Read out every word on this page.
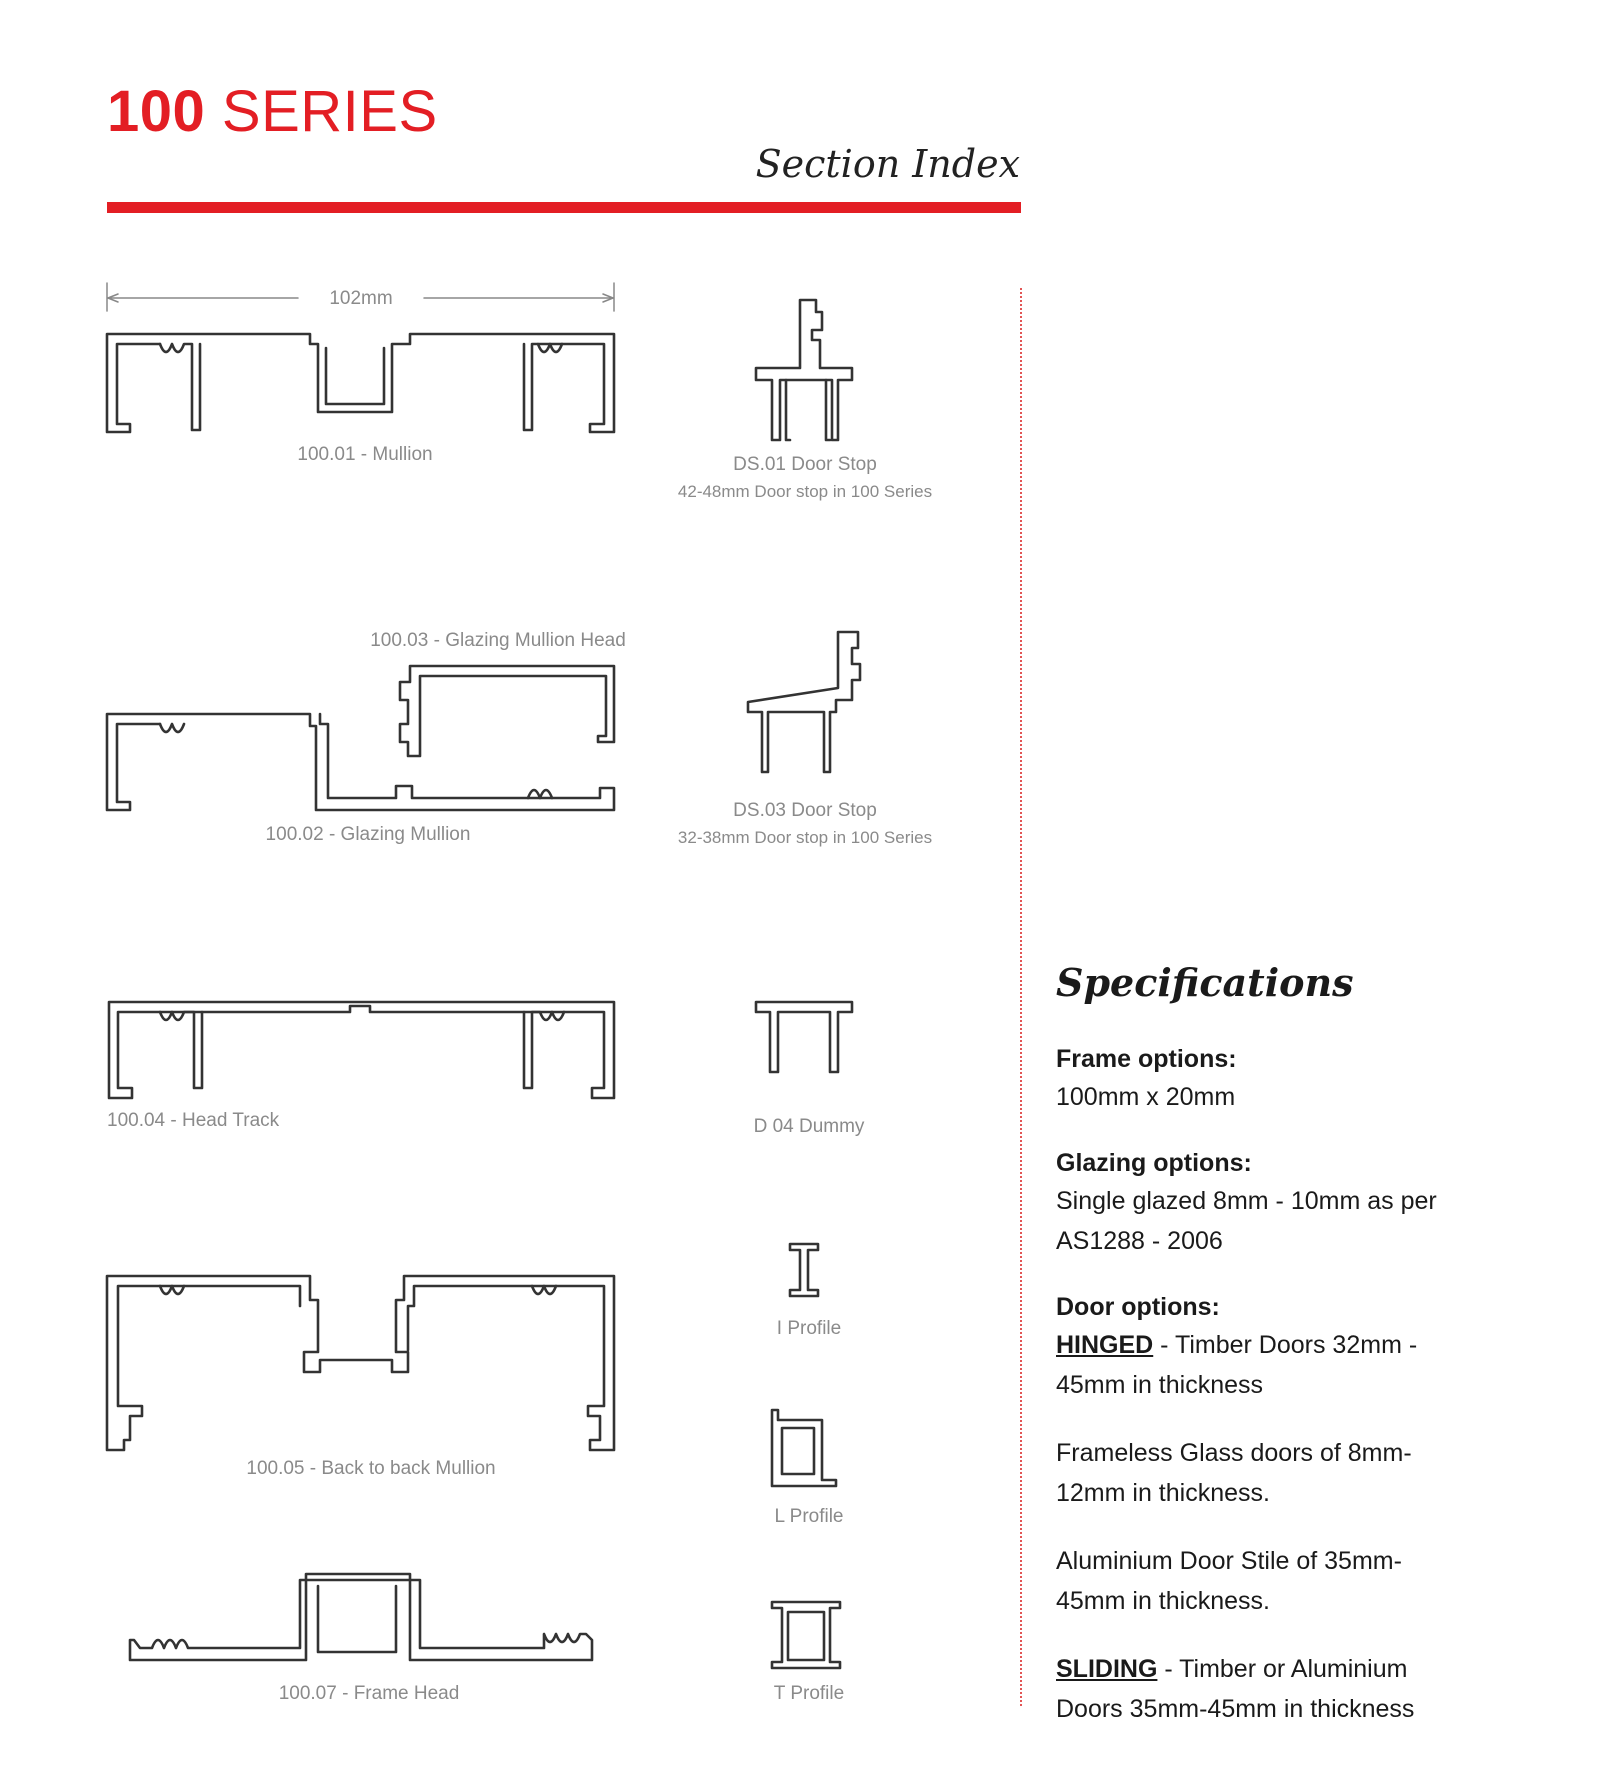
100 SERIES
Section Index
102mm
100.01 - Mullion	DS.01 Door Stop
42-48mm Door stop in 100 Series
100.03 - Glazing Mullion Head
100.02 - Glazing Mullion
DS.03 Door Stop
32-38mm Door stop in 100 Series
100.04 - Head Track	D 04 Dummy
I Profile
100.05 - Back to back Mullion
L Profile
100.07 - Frame Head	T Profile
Specifications
Frame options:
100mm x 20mm
Glazing options:
Single glazed 8mm - 10mm as per
AS1288 - 2006
Door options:
HINGED - Timber Doors 32mm -
45mm in thickness
Frameless Glass doors of 8mm-
12mm in thickness.
Aluminium Door Stile of 35mm-
45mm in thickness.
SLIDING - Timber or Aluminium
Doors 35mm-45mm in thickness
